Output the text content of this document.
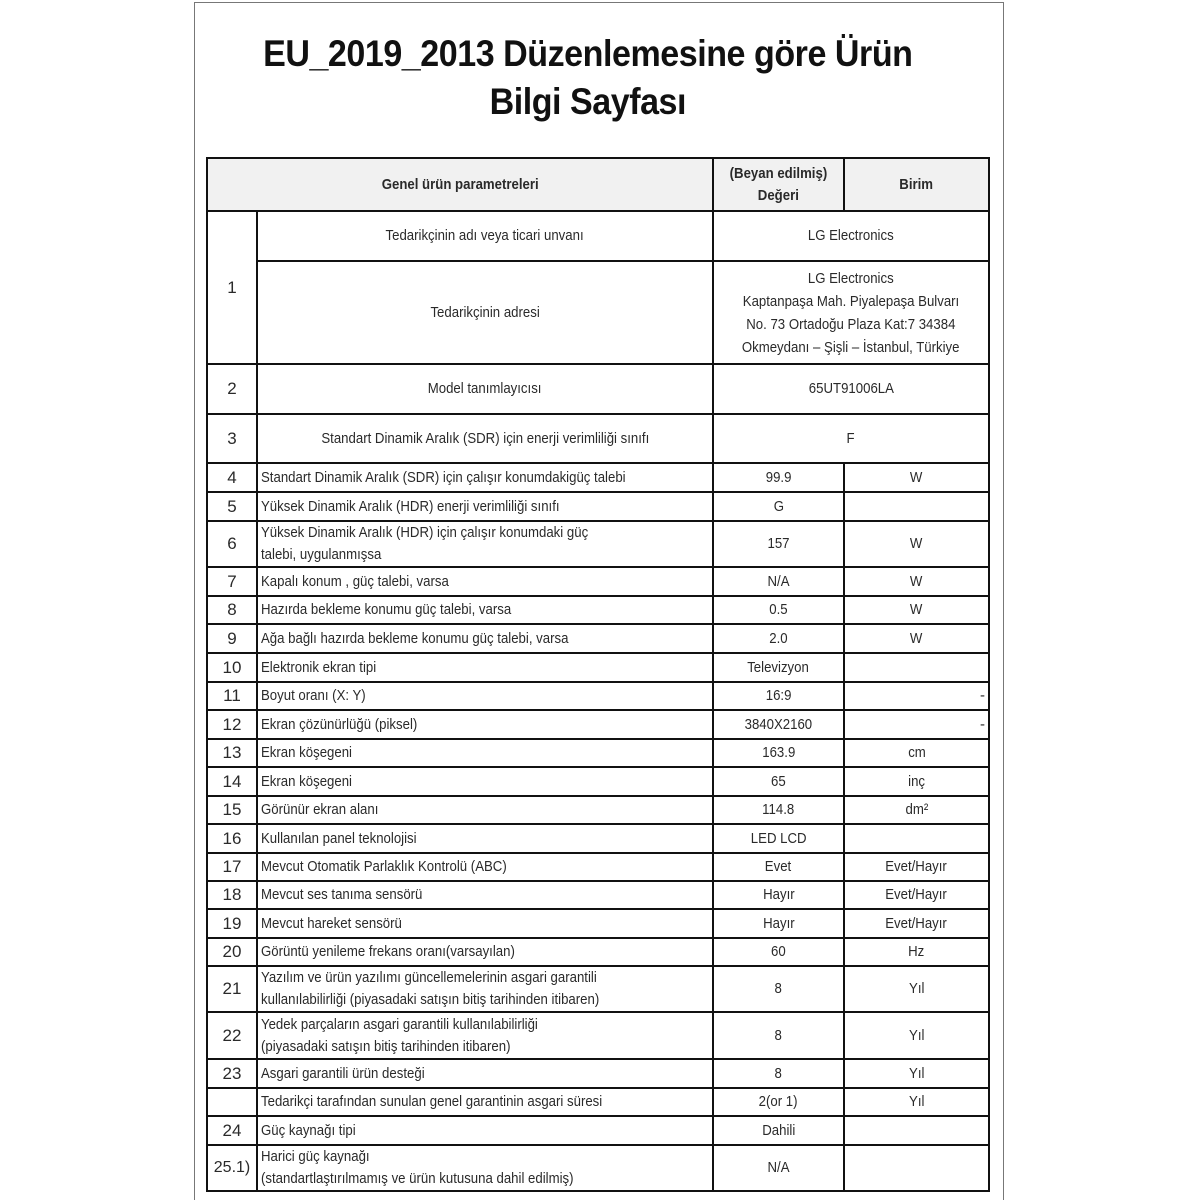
EU_2019_2013 Düzenlemesine göre Ürün
Bilgi Sayfası
Genel ürün parametreleri		(Beyan edilmiş)
Değeri	Birim
1	Tedarikçinin adı veya ticari unvanı	LG Electronics	
	Tedarikçinin adresi	LG Electronics
Kaptanpaşa Mah. Piyalepaşa Bulvarı
No. 73 Ortadoğu Plaza Kat:7 34384
Okmeydanı – Şişli – İstanbul, Türkiye	

2	Model tanımlayıcısı	65UT91006LA	
3	Standart Dinamik Aralık (SDR) için enerji verimliliği sınıfı	F	
4	Standart Dinamik Aralık (SDR) için çalışır konumdakigüç talebi	99.9	W
5	Yüksek Dinamik Aralık (HDR) enerji verimliliği sınıfı	G	
6	Yüksek Dinamik Aralık (HDR) için çalışır konumdaki güç
talebi, uygulanmışsa	157	W
7	Kapalı konum , güç talebi, varsa	N/A	W
8	Hazırda bekleme konumu güç talebi, varsa	0.5	W
9	Ağa bağlı hazırda bekleme konumu güç talebi, varsa	2.0	W
10	Elektronik ekran tipi	Televizyon	
11	Boyut oranı (X: Y)	16:9	-
12	Ekran çözünürlüğü (piksel)	3840X2160	-
13	Ekran köşegeni	163.9	cm
14	Ekran köşegeni	65	inç
15	Görünür ekran alanı	114.8	dm²
16	Kullanılan panel teknolojisi	LED LCD	
17	Mevcut Otomatik Parlaklık Kontrolü (ABC)	Evet	Evet/Hayır
18	Mevcut ses tanıma sensörü	Hayır	Evet/Hayır
19	Mevcut hareket sensörü	Hayır	Evet/Hayır
20	Görüntü yenileme frekans oranı(varsayılan)	60	Hz
21	Yazılım ve ürün yazılımı güncellemelerinin asgari garantili
kullanılabilirliği (piyasadaki satışın bitiş tarihinden itibaren)	8	Yıl
22	Yedek parçaların asgari garantili kullanılabilirliği
(piyasadaki satışın bitiş tarihinden itibaren)	8	Yıl
23	Asgari garantili ürün desteği	8	Yıl
	Tedarikçi tarafından sunulan genel garantinin asgari süresi	2(or 1)	Yıl
24	Güç kaynağı tipi	Dahili	
25.1)	Harici güç kaynağı
(standartlaştırılmamış ve ürün kutusuna dahil edilmiş)	N/A	
